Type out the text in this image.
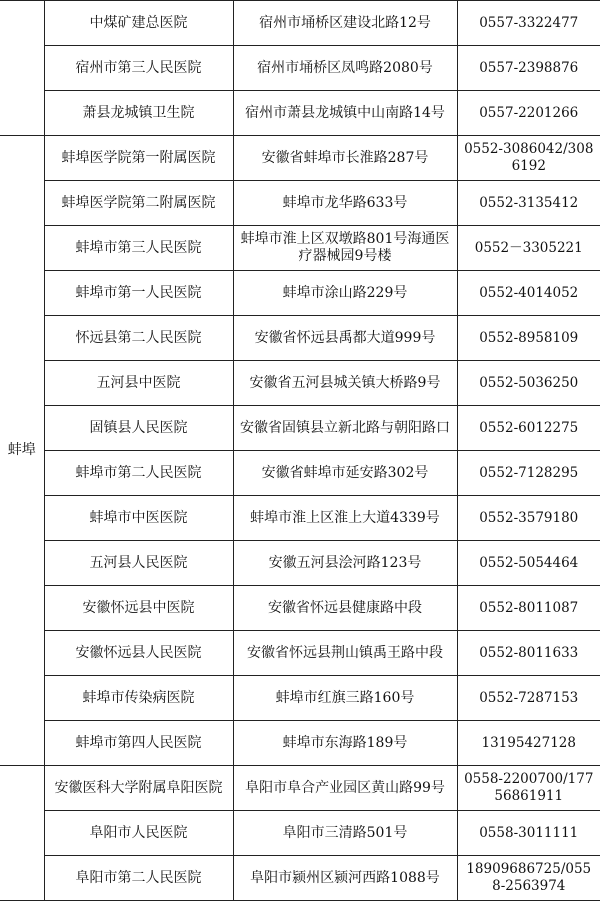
	中煤矿建总医院	宿州市埇桥区建设北路12号	0557-3322477
	宿州市第三人民医院	宿州市埇桥区凤鸣路2080号	0557-2398876
	萧县龙城镇卫生院	宿州市萧县龙城镇中山南路14号	0557-2201266
蚌埠	蚌埠医学院第一附属医院	安徽省蚌埠市长淮路287号	0552-3086042/3086192
	蚌埠医学院第二附属医院	蚌埠市龙华路633号	0552-3135412
	蚌埠市第三人民医院	蚌埠市淮上区双墩路801号海通医疗器械园9号楼	0552－3305221
	蚌埠市第一人民医院	蚌埠市涂山路229号	0552-4014052
	怀远县第二人民医院	安徽省怀远县禹都大道999号	0552-8958109
	五河县中医院	安徽省五河县城关镇大桥路9号	0552-5036250
	固镇县人民医院	安徽省固镇县立新北路与朝阳路口	0552-6012275
	蚌埠市第二人民医院	安徽省蚌埠市延安路302号	0552-7128295
	蚌埠市中医医院	蚌埠市淮上区淮上大道4339号	0552-3579180
	五河县人民医院	安徽五河县浍河路123号	0552-5054464
	安徽怀远县中医院	安徽省怀远县健康路中段	0552-8011087
	安徽怀远县人民医院	安徽省怀远县荆山镇禹王路中段	0552-8011633
	蚌埠市传染病医院	蚌埠市红旗三路160号	0552-7287153
	蚌埠市第四人民医院	蚌埠市东海路189号	13195427128
	安徽医科大学附属阜阳医院	阜阳市阜合产业园区黄山路99号	0558-2200700/17756861911
	阜阳市人民医院	阜阳市三清路501号	0558-3011111
	阜阳市第二人民医院	阜阳市颍州区颍河西路1088号	18909686725/0558-2563974
